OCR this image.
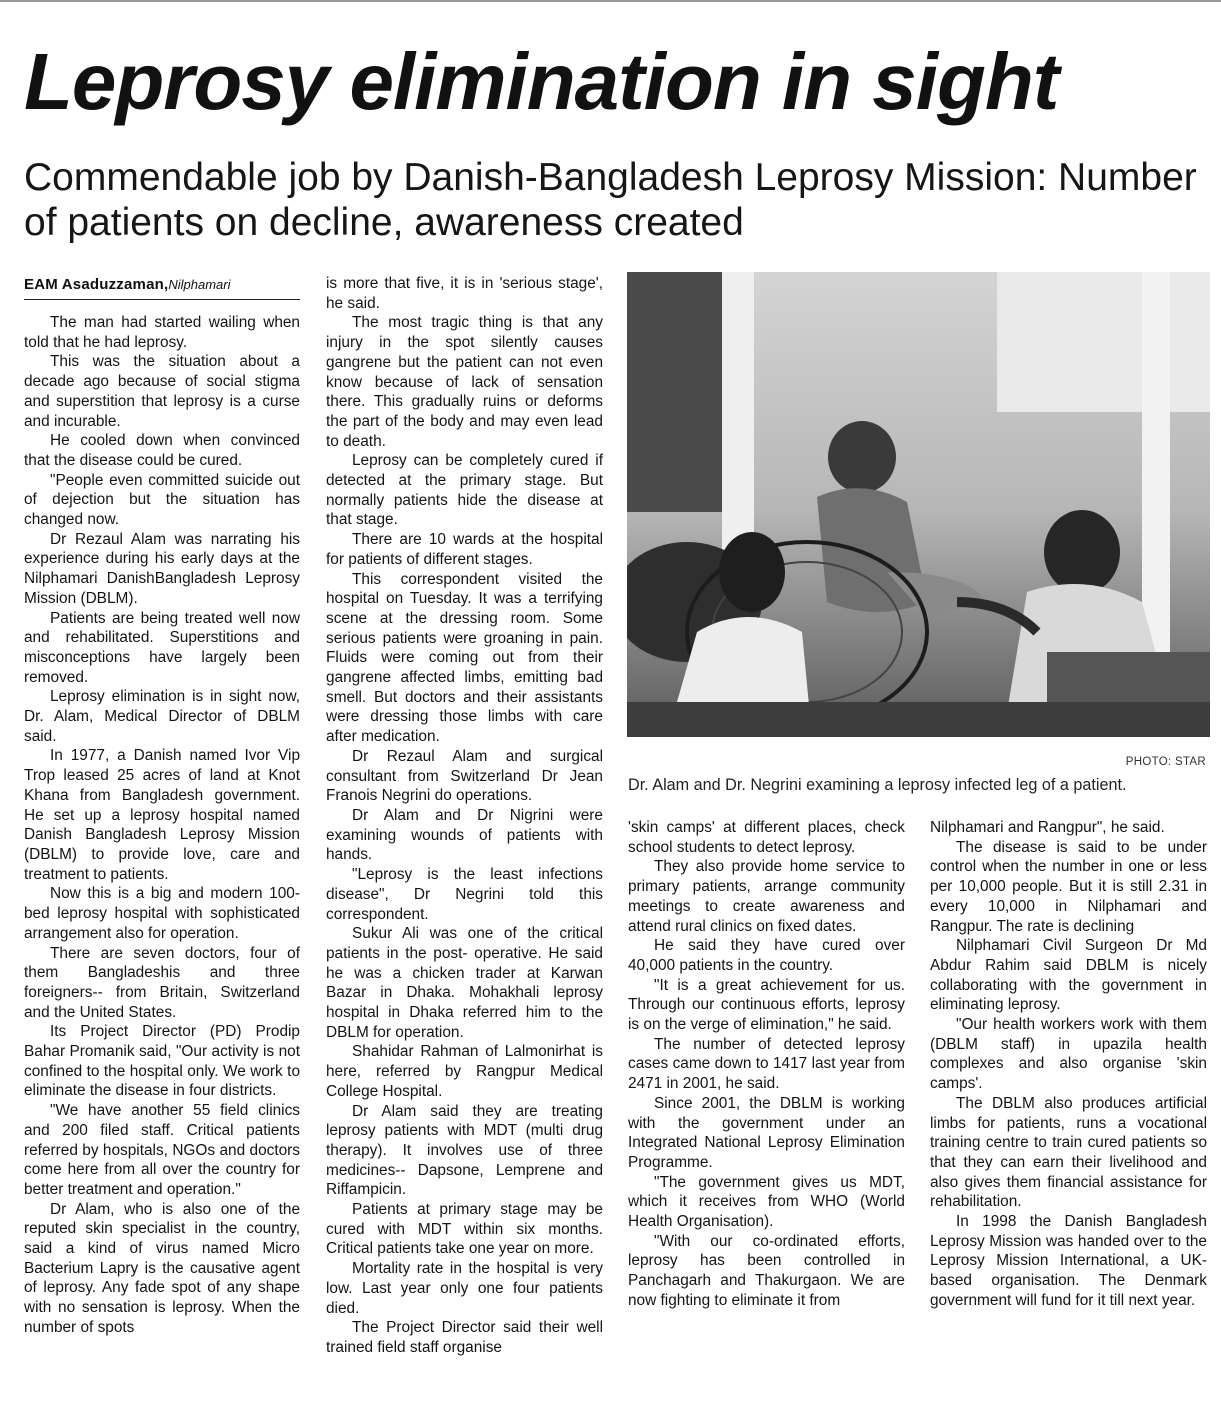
Leprosy elimination in sight
Commendable job by Danish-Bangladesh Leprosy Mission: Number of patients on decline, awareness created
EAM Asaduzzaman,Nilphamari

The man had started wailing when told that he had leprosy.

This was the situation about a decade ago because of social stigma and superstition that leprosy is a curse and incurable.

He cooled down when convinced that the disease could be cured.

"People even committed suicide out of dejection but the situation has changed now.

Dr Rezaul Alam was narrating his experience during his early days at the Nilphamari DanishBangladesh Leprosy Mission (DBLM).

Patients are being treated well now and rehabilitated. Superstitions and misconceptions have largely been removed.

Leprosy elimination is in sight now, Dr. Alam, Medical Director of DBLM said.

In 1977, a Danish named Ivor Vip Trop leased 25 acres of land at Knot Khana from Bangladesh government. He set up a leprosy hospital named Danish Bangladesh Leprosy Mission (DBLM) to provide love, care and treatment to patients.

Now this is a big and modern 100-bed leprosy hospital with sophisticated arrangement also for operation.

There are seven doctors, four of them Bangladeshis and three foreigners-- from Britain, Switzerland and the United States.

Its Project Director (PD) Prodip Bahar Promanik said, "Our activity is not confined to the hospital only. We work to eliminate the disease in four districts.

"We have another 55 field clinics and 200 filed staff. Critical patients referred by hospitals, NGOs and doctors come here from all over the country for better treatment and operation."

Dr Alam, who is also one of the reputed skin specialist in the country, said a kind of virus named Micro Bacterium Lapry is the causative agent of leprosy. Any fade spot of any shape with no sensation is leprosy. When the number of spots

is more that five, it is in 'serious stage', he said.

The most tragic thing is that any injury in the spot silently causes gangrene but the patient can not even know because of lack of sensation there. This gradually ruins or deforms the part of the body and may even lead to death.

Leprosy can be completely cured if detected at the primary stage. But normally patients hide the disease at that stage.

There are 10 wards at the hospital for patients of different stages.

This correspondent visited the hospital on Tuesday. It was a terrifying scene at the dressing room. Some serious patients were groaning in pain. Fluids were coming out from their gangrene affected limbs, emitting bad smell. But doctors and their assistants were dressing those limbs with care after medication.

Dr Rezaul Alam and surgical consultant from Switzerland Dr Jean Franois Negrini do operations.

Dr Alam and Dr Nigrini were examining wounds of patients with hands.

"Leprosy is the least infections disease", Dr Negrini told this correspondent.

Sukur Ali was one of the critical patients in the post- operative. He said he was a chicken trader at Karwan Bazar in Dhaka. Mohakhali leprosy hospital in Dhaka referred him to the DBLM for operation.

Shahidar Rahman of Lalmonirhat is here, referred by Rangpur Medical College Hospital.

Dr Alam said they are treating leprosy patients with MDT (multi drug therapy). It involves use of three medicines-- Dapsone, Lemprene and Riffampicin.

Patients at primary stage may be cured with MDT within six months. Critical patients take one year on more.

Mortality rate in the hospital is very low. Last year only one four patients died.

The Project Director said their well trained field staff organise

PHOTO: STAR
Dr. Alam and Dr. Negrini examining a leprosy infected leg of a patient.

'skin camps' at different places, check school students to detect leprosy.

They also provide home service to primary patients, arrange community meetings to create awareness and attend rural clinics on fixed dates.

He said they have cured over 40,000 patients in the country.

"It is a great achievement for us. Through our continuous efforts, leprosy is on the verge of elimination," he said.

The number of detected leprosy cases came down to 1417 last year from 2471 in 2001, he said.

Since 2001, the DBLM is working with the government under an Integrated National Leprosy Elimination Programme.

"The government gives us MDT, which it receives from WHO (World Health Organisation).

"With our co-ordinated efforts, leprosy has been controlled in Panchagarh and Thakurgaon. We are now fighting to eliminate it from

Nilphamari and Rangpur", he said.

The disease is said to be under control when the number in one or less per 10,000 people. But it is still 2.31 in every 10,000 in Nilphamari and Rangpur. The rate is declining

Nilphamari Civil Surgeon Dr Md Abdur Rahim said DBLM is nicely collaborating with the government in eliminating leprosy.

"Our health workers work with them (DBLM staff) in upazila health complexes and also organise 'skin camps'.

The DBLM also produces artificial limbs for patients, runs a vocational training centre to train cured patients so that they can earn their livelihood and also gives them financial assistance for rehabilitation.

In 1998 the Danish Bangladesh Leprosy Mission was handed over to the Leprosy Mission International, a UK- based organisation. The Denmark government will fund for it till next year.
